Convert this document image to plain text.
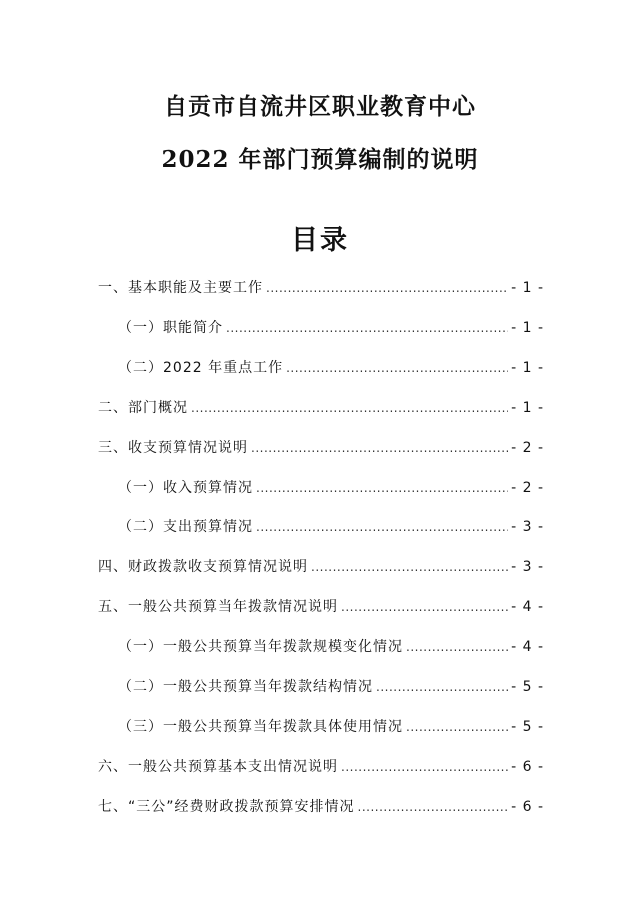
自贡市自流井区职业教育中心
2022 年部门预算编制的说明
目录
一、基本职能及主要工作 .....	- 1 -
（一）职能简介 .....	- 1 -
（二）2022 年重点工作 .....	- 1 -
二、部门概况 .....	- 1 -
三、收支预算情况说明 .....	- 2 -
（一）收入预算情况 .....	- 2 -
（二）支出预算情况 .....	- 3 -
四、财政拨款收支预算情况说明 .....	- 3 -
五、一般公共预算当年拨款情况说明 .....	- 4 -
（一）一般公共预算当年拨款规模变化情况 .....	- 4 -
（二）一般公共预算当年拨款结构情况 .....	- 5 -
（三）一般公共预算当年拨款具体使用情况 .....	- 5 -
六、一般公共预算基本支出情况说明 .....	- 6 -
七、“三公”经费财政拨款预算安排情况 .....	- 6 -
